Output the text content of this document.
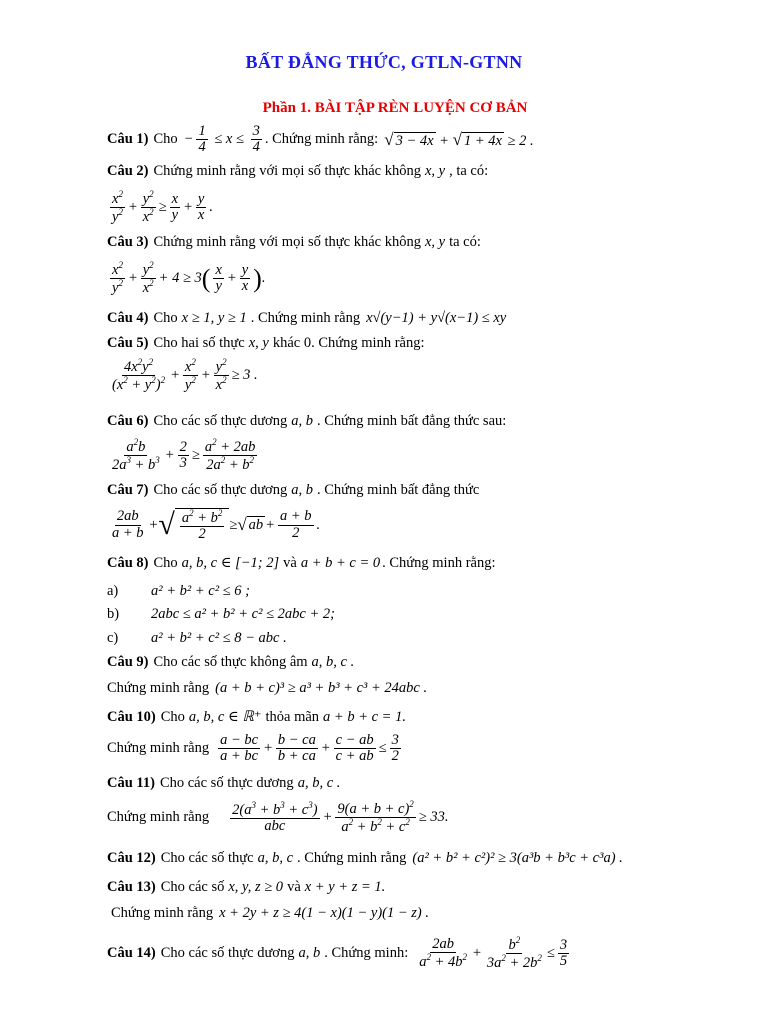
BẤT ĐẲNG THỨC, GTLN-GTNN
Phần 1. BÀI TẬP RÈN LUYỆN CƠ BẢN
Câu 1) Cho − $\frac{1}{4} \le x \le \frac{3}{4}$ . Chứng minh rằng: √ 3 − 4x + √ 1 + 4x ≥ 2 .
Câu 2) Chứng minh rằng với mọi số thực khác không x, y , ta có:
$x^2$
$y^2$ +
$y^2$
$x^2$ ≥
x
y +
y
x .
Câu 3) Chứng minh rằng với mọi số thực khác không x, y ta có:
$x^2$
$y^2$ +
$y^2$
$x^2 + 4 \ge 3$ ( x
y +
y
x ) .
Câu 4) Cho x ≥ 1, y ≥ 1 . Chứng minh rằng x√(y−1) + y√(x−1) ≤ xy
Câu 5) Cho hai số thực x, y khác 0. Chứng minh rằng:
$4x^2y^2$
$(x^2 + y^2)^2$ +
$x^2$
$y^2$ +
$y^2$
$x^2 \ge 3$ .
Câu 6) Cho các số thực dương a, b . Chứng minh bất đẳng thức sau:
$a^2b$
$2a^3 + b^3$ +
2
3 ≥
$a^2 + 2ab$
$2a^2 + b^2$
Câu 7) Cho các số thực dương a, b . Chứng minh bất đẳng thức
2ab
a + b + √ $\frac{a^2 + b^2}{2}$ ≥ √ ab +
a + b
2 .
Câu 8) Cho a, b, c ∈ [−1; 2] và a + b + c = 0 . Chứng minh rằng:
a)	a² + b² + c² ≤ 6 ;
b)	2abc ≤ a² + b² + c² ≤ 2abc + 2;
c)	a² + b² + c² ≤ 8 − abc .
Câu 9) Cho các số thực không âm a, b, c .
Chứng minh rằng (a + b + c)³ ≥ a³ + b³ + c³ + 24abc .
Câu 10) Cho a, b, c ∈ ℝ⁺ thỏa mãn a + b + c = 1.
Chứng minh rằng $\frac{a - bc}{a + bc} + \frac{b - ca}{b + ca} + \frac{c - ab}{c + ab} \le \frac{3}{2}$
Câu 11) Cho các số thực dương a, b, c .
Chứng minh rằng $2(a^3 + b^3 + c^3)$
abc
+ $\frac{9(a + b + c)^2}{a^2 + b^2 + c^2} \ge 33$.
Câu 12) Cho các số thực a, b, c . Chứng minh rằng (a² + b² + c²)² ≥ 3(a³b + b³c + c³a) .
Câu 13) Cho các số x, y, z ≥ 0 và x + y + z = 1.
Chứng minh rằng x + 2y + z ≥ 4(1 − x)(1 − y)(1 − z) .
Câu 14) Cho các số thực dương a, b . Chứng minh: $\frac{2ab}{a^2 + 4b^2} + \frac{b^2}{3a^2 + 2b^2} \le \frac{3}{5}$
